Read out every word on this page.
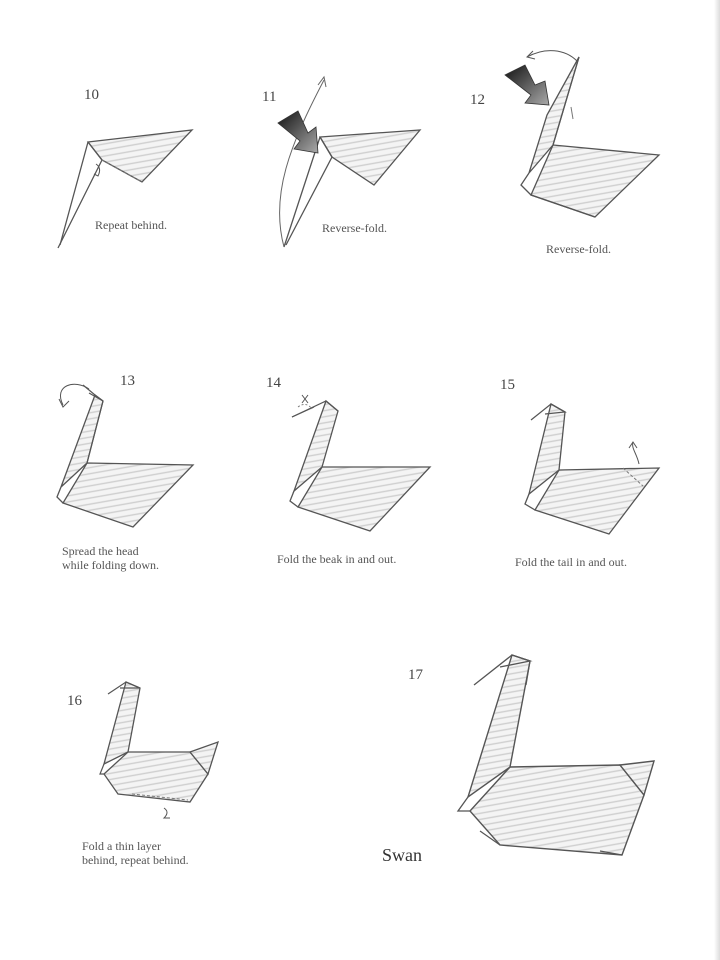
10
Repeat behind.
11
Reverse-fold.
12
Reverse-fold.
13
Spread the head
while folding down.
14
Fold the beak in and out.
15
Fold the tail in and out.
16
Fold a thin layer
behind, repeat behind.
17
Swan
